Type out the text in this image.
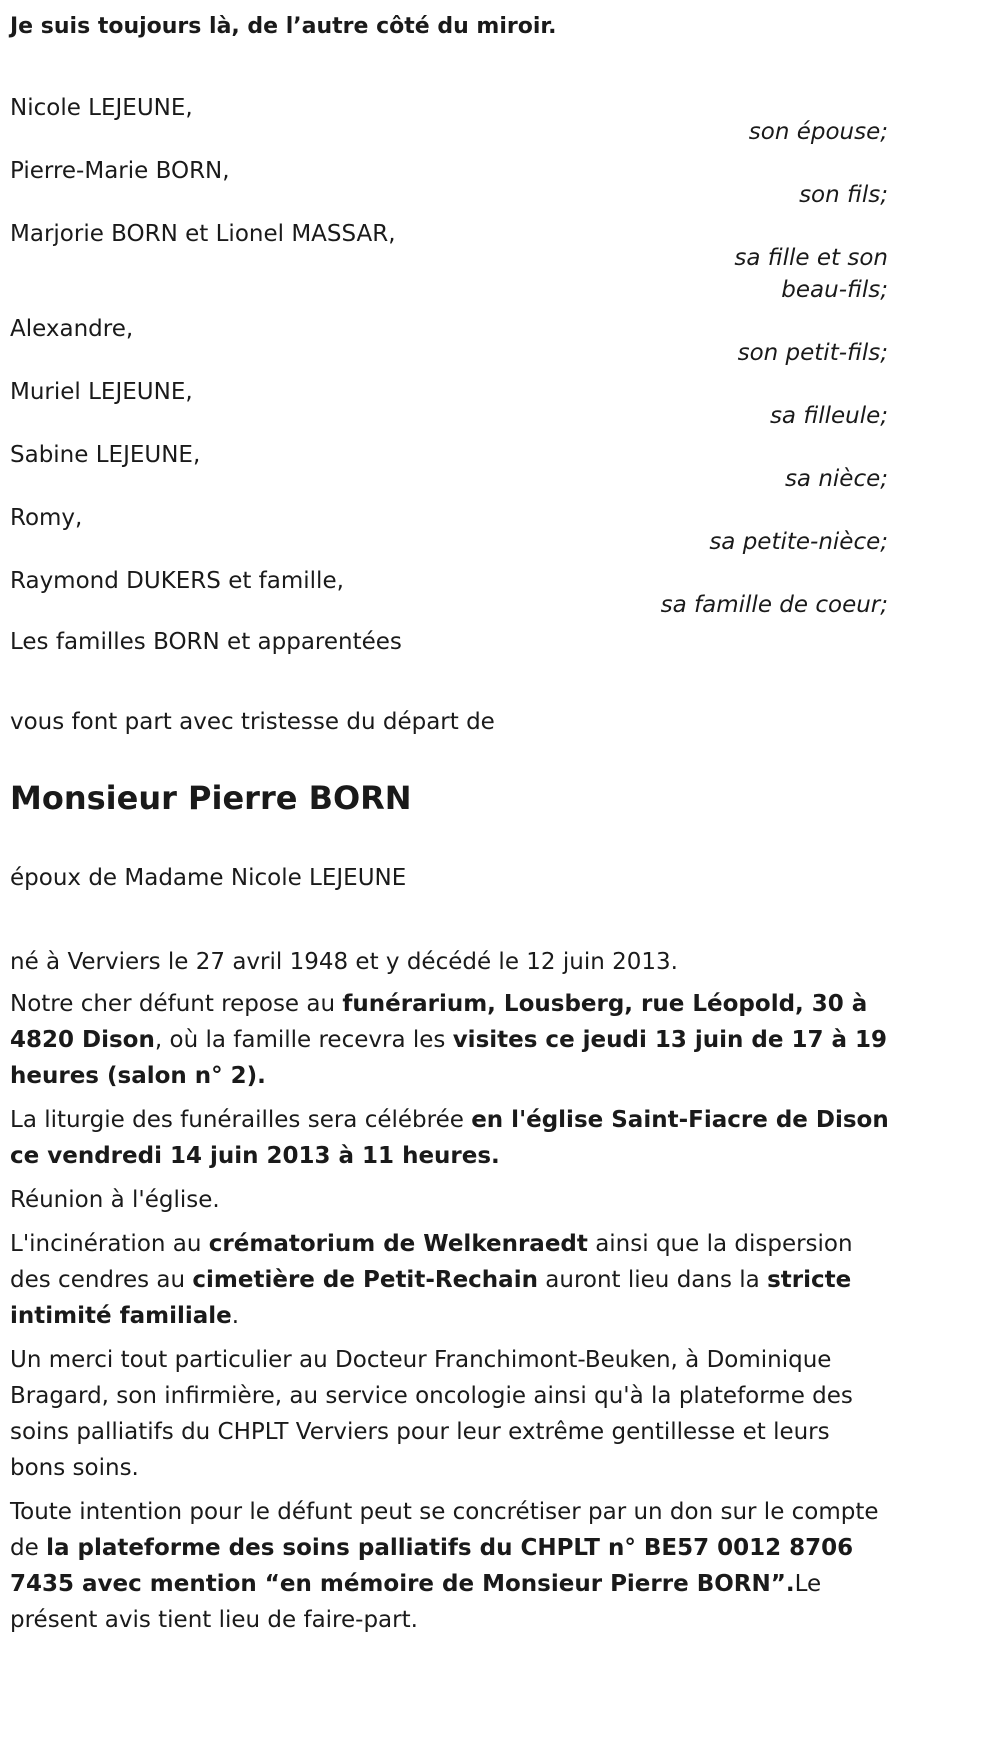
Je suis toujours là, de l’autre côté du miroir.
Nicole LEJEUNE,
son épouse;
Pierre-Marie BORN,
son fils;
Marjorie BORN et Lionel MASSAR,
sa fille et son beau-fils;
Alexandre,
son petit-fils;
Muriel LEJEUNE,
sa filleule;
Sabine LEJEUNE,
sa nièce;
Romy,
sa petite-nièce;
Raymond DUKERS et famille,
sa famille de coeur;
Les familles BORN et apparentées
vous font part avec tristesse du départ de
Monsieur Pierre BORN
époux de Madame Nicole LEJEUNE
né à Verviers le 27 avril 1948 et y décédé le 12 juin 2013.
Notre cher défunt repose au funérarium, Lousberg, rue Léopold, 30 à 4820 Dison, où la famille recevra les visites ce jeudi 13 juin de 17 à 19 heures (salon n° 2).
La liturgie des funérailles sera célébrée en l'église Saint-Fiacre de Dison ce vendredi 14 juin 2013 à 11 heures.
Réunion à l'église.
L'incinération au crématorium de Welkenraedt ainsi que la dispersion des cendres au cimetière de Petit-Rechain auront lieu dans la stricte intimité familiale.
Un merci tout particulier au Docteur Franchimont-Beuken, à Dominique Bragard, son infirmière, au service oncologie ainsi qu'à la plateforme des soins palliatifs du CHPLT Verviers pour leur extrême gentillesse et leurs bons soins.
Toute intention pour le défunt peut se concrétiser par un don sur le compte de la plateforme des soins palliatifs du CHPLT n° BE57 0012 8706 7435 avec mention “en mémoire de Monsieur Pierre BORN”.Le présent avis tient lieu de faire-part.
